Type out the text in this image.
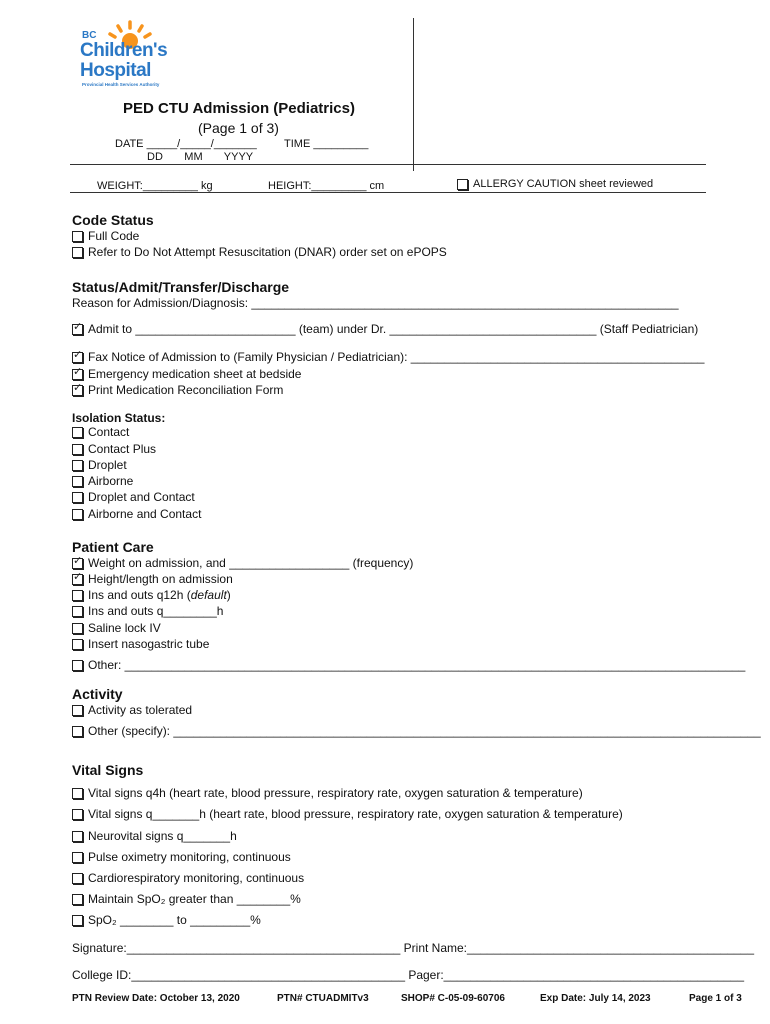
BC
Children's
Hospital
Provincial Health Services Authority
PED CTU Admission (Pediatrics)
(Page 1 of 3)
DATE _____/_____/_______ TIME _________
DD       MM       YYYY
WEIGHT:_________ kg	HEIGHT:_________ cm	ALLERGY CAUTION sheet reviewed
Code Status
Full Code
Refer to Do Not Attempt Resuscitation (DNAR) order set on ePOPS
Status/Admit/Transfer/Discharge
Reason for Admission/Diagnosis: ________________________________________________________________
✓
Admit to ________________________ (team) under Dr. _______________________________ (Staff Pediatrician)
✓
Fax Notice of Admission to (Family Physician / Pediatrician): ____________________________________________
✓
Emergency medication sheet at bedside
✓
Print Medication Reconciliation Form
Isolation Status:
Contact
Contact Plus
Droplet
Airborne
Droplet and Contact
Airborne and Contact
Patient Care
✓
Weight on admission, and __________________ (frequency)
✓
Height/length on admission
Ins and outs q12h ( default )
Ins and outs q________h
Saline lock IV
Insert nasogastric tube
Other: _____________________________________________________________________________________________
Activity
Activity as tolerated
Other (specify): ________________________________________________________________________________________
Vital Signs
Vital signs q4h (heart rate, blood pressure, respiratory rate, oxygen saturation & temperature)
Vital signs q_______h (heart rate, blood pressure, respiratory rate, oxygen saturation & temperature)
Neurovital signs q_______h
Pulse oximetry monitoring, continuous
Cardiorespiratory monitoring, continuous
Maintain SpO₂ greater than ________%
SpO₂ ________ to _________%
Signature:_________________________________________ Print Name:___________________________________________
College ID:_________________________________________ Pager:_____________________________________________
PTN Review Date: October 13, 2020	PTN# CTUADMITv3	SHOP# C-05-09-60706	Exp Date: July 14, 2023	Page 1 of 3
